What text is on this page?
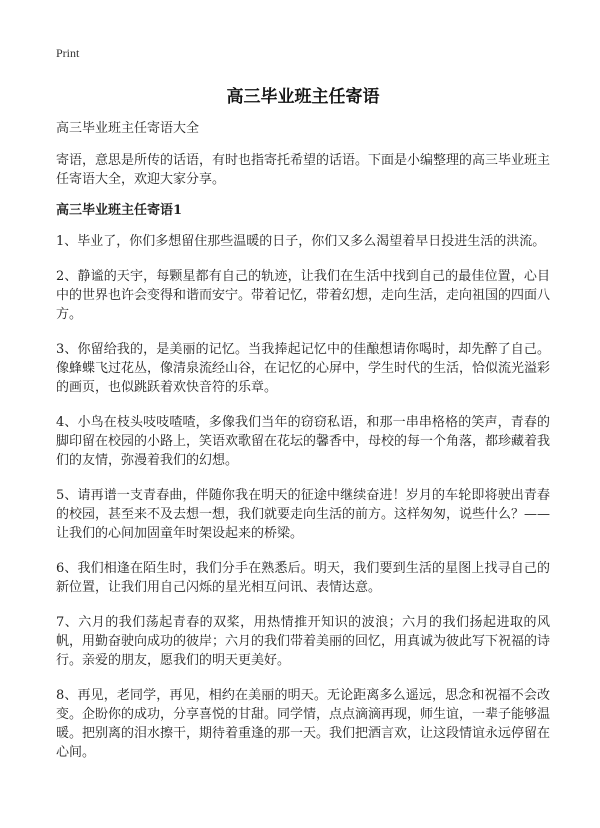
Print
高三毕业班主任寄语
高三毕业班主任寄语大全

寄语，意思是所传的话语，有时也指寄托希望的话语。下面是小编整理的高三毕业班主任寄语大全，欢迎大家分享。

高三毕业班主任寄语1

1、毕业了，你们多想留住那些温暖的日子，你们又多么渴望着早日投进生活的洪流。

2、静谧的天宇，每颗星都有自己的轨迹，让我们在生活中找到自己的最佳位置，心目中的世界也许会变得和谐而安宁。带着记忆，带着幻想，走向生活，走向祖国的四面八方。

3、你留给我的，是美丽的记忆。当我捧起记忆中的佳酿想请你喝时，却先醉了自己。像蜂蝶飞过花丛，像清泉流经山谷，在记忆的心屏中，学生时代的生活，恰似流光溢彩的画页，也似跳跃着欢快音符的乐章。

4、小鸟在枝头吱吱喳喳，多像我们当年的窃窃私语，和那一串串格格的笑声，青春的脚印留在校园的小路上，笑语欢歌留在花坛的馨香中，母校的每一个角落，都珍藏着我们的友情，弥漫着我们的幻想。

5、请再谱一支青春曲，伴随你我在明天的征途中继续奋进！岁月的车轮即将驶出青春的校园，甚至来不及去想一想，我们就要走向生活的前方。这样匆匆，说些什么？——让我们的心间加固童年时架设起来的桥梁。

6、我们相逢在陌生时，我们分手在熟悉后。明天，我们要到生活的星图上找寻自己的新位置，让我们用自己闪烁的星光相互问讯、表情达意。

7、六月的我们荡起青春的双桨，用热情推开知识的波浪；六月的我们扬起进取的风帆，用勤奋驶向成功的彼岸；六月的我们带着美丽的回忆，用真诚为彼此写下祝福的诗行。亲爱的朋友，愿我们的明天更美好。

8、再见，老同学，再见，相约在美丽的明天。无论距离多么遥远，思念和祝福不会改变。企盼你的成功，分享喜悦的甘甜。同学情，点点滴滴再现，师生谊，一辈子能够温暖。把别离的泪水擦干，期待着重逢的那一天。我们把酒言欢，让这段情谊永远停留在心间。
